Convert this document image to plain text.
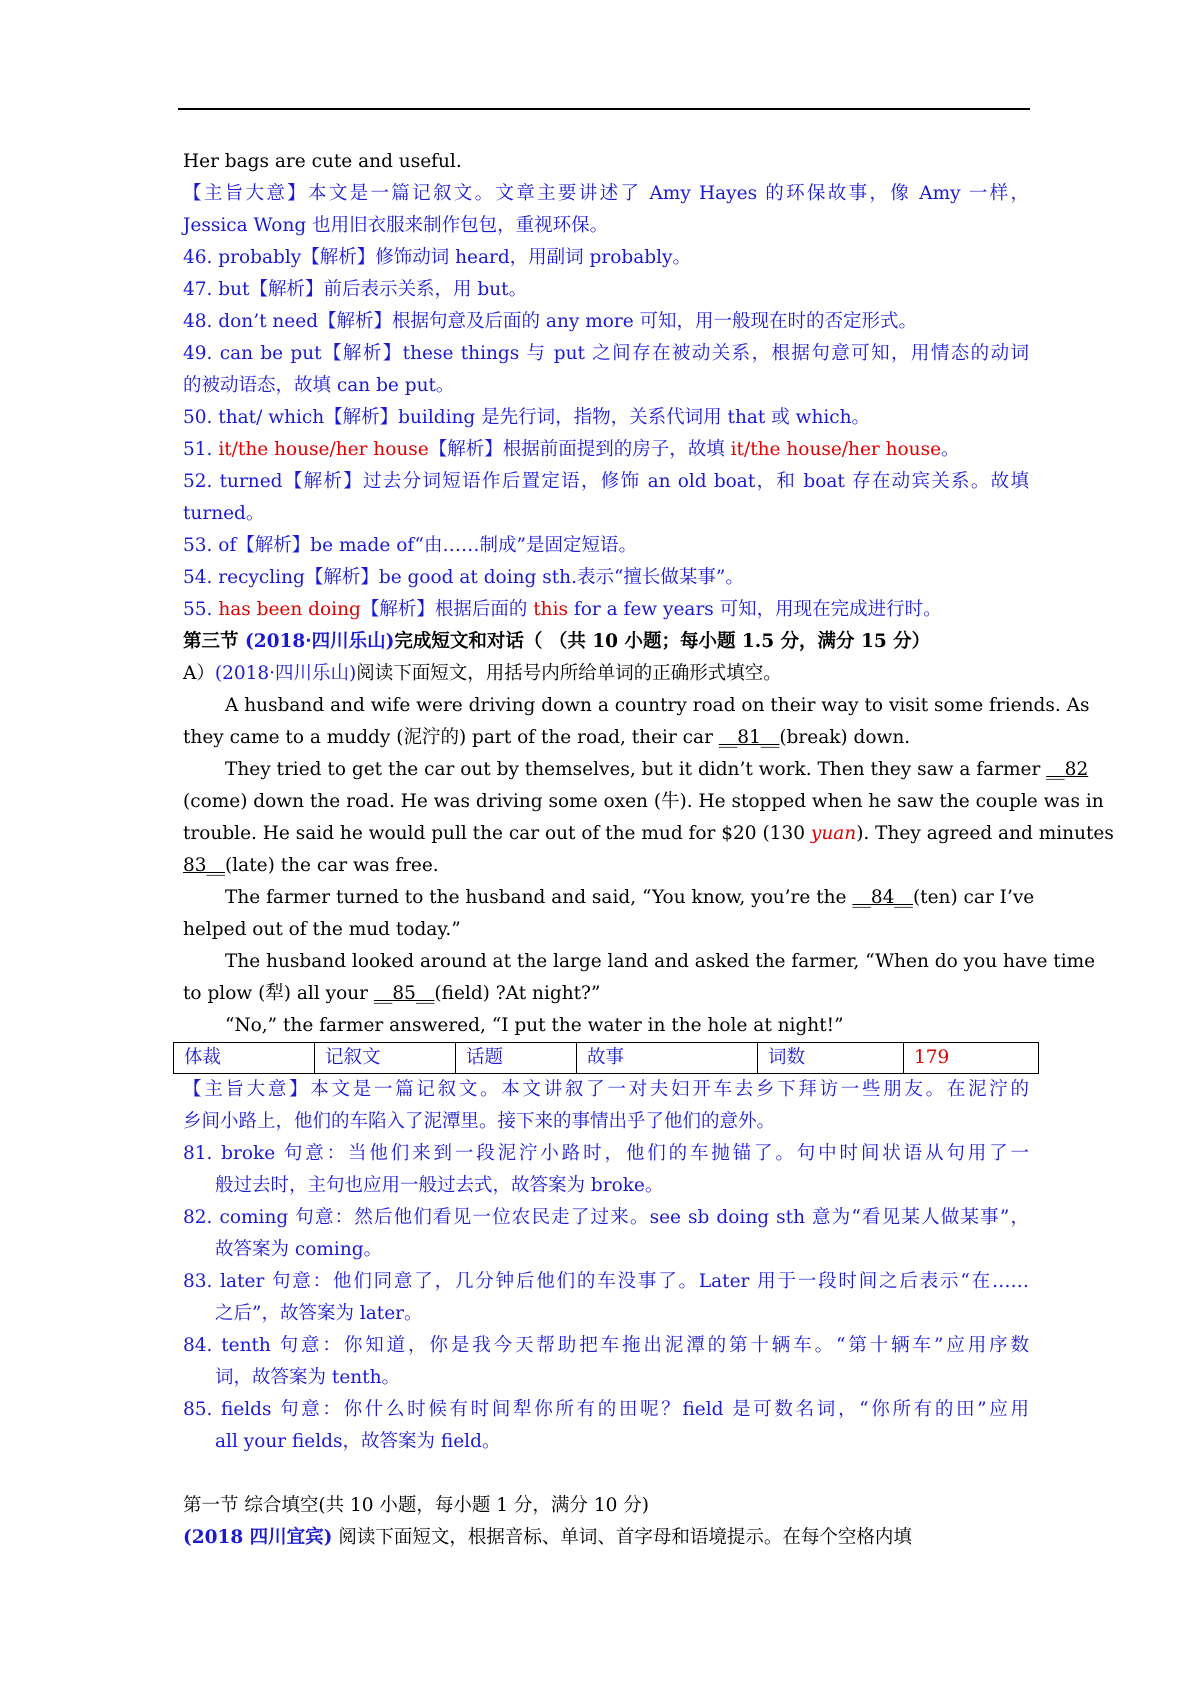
Her bags are cute and useful.
【主旨大意】本文是一篇记叙文。文章主要讲述了 Amy Hayes 的环保故事，像 Amy 一样，
Jessica Wong 也用旧衣服来制作包包，重视环保。
46. probably【解析】修饰动词 heard，用副词 probably。
47. but【解析】前后表示关系，用 but。
48. don’t need【解析】根据句意及后面的 any more 可知，用一般现在时的否定形式。
49. can be put【解析】these things 与 put 之间存在被动关系，根据句意可知，用情态的动词
的被动语态，故填 can be put。
50. that/ which【解析】building 是先行词，指物，关系代词用 that 或 which。
51. it/the house/her house【解析】根据前面提到的房子，故填 it/the house/her house。
52. turned【解析】过去分词短语作后置定语，修饰 an old boat，和 boat 存在动宾关系。故填
turned。
53. of【解析】be made of“由……制成”是固定短语。
54. recycling【解析】be good at doing sth.表示“擅长做某事”。
55. has been doing【解析】根据后面的 this for a few years 可知，用现在完成进行时。
第三节 (2018·四川乐山)完成短文和对话（ （共 10 小题；每小题 1.5 分，满分 15 分）
A）(2018·四川乐山)阅读下面短文，用括号内所给单词的正确形式填空。
A husband and wife were driving down a country road on their way to visit some friends. As
they came to a muddy (泥泞的) part of the road, their car __81__(break) down.
They tried to get the car out by themselves, but it didn’t work. Then they saw a farmer __82
(come) down the road. He was driving some oxen (牛). He stopped when he saw the couple was in
trouble. He said he would pull the car out of the mud for $20 (130 yuan). They agreed and minutes
83__(late) the car was free.
The farmer turned to the husband and said, “You know, you’re the __84__(ten) car I’ve
helped out of the mud today.”
The husband looked around at the large land and asked the farmer, “When do you have time
to plow (犁) all your __85__(field) ?At night?”
“No,” the farmer answered, “I put the water in the hole at night!”
体裁	记叙文	话题	故事	词数	179
【主旨大意】本文是一篇记叙文。本文讲叙了一对夫妇开车去乡下拜访一些朋友。在泥泞的
乡间小路上，他们的车陷入了泥潭里。接下来的事情出乎了他们的意外。
81. broke 句意：当他们来到一段泥泞小路时，他们的车抛锚了。句中时间状语从句用了一
般过去时，主句也应用一般过去式，故答案为 broke。
82. coming 句意：然后他们看见一位农民走了过来。see sb doing sth 意为“看见某人做某事”，
故答案为 coming。
83. later 句意：他们同意了，几分钟后他们的车没事了。Later 用于一段时间之后表示“在……
之后”，故答案为 later。
84. tenth 句意：你知道，你是我今天帮助把车拖出泥潭的第十辆车。“第十辆车”应用序数
词，故答案为 tenth。
85. fields 句意：你什么时候有时间犁你所有的田呢？field 是可数名词，“你所有的田”应用
all your fields，故答案为 field。
第一节 综合填空(共 10 小题，每小题 1 分，满分 10 分)
(2018 四川宜宾) 阅读下面短文，根据音标、单词、首字母和语境提示。在每个空格内填
